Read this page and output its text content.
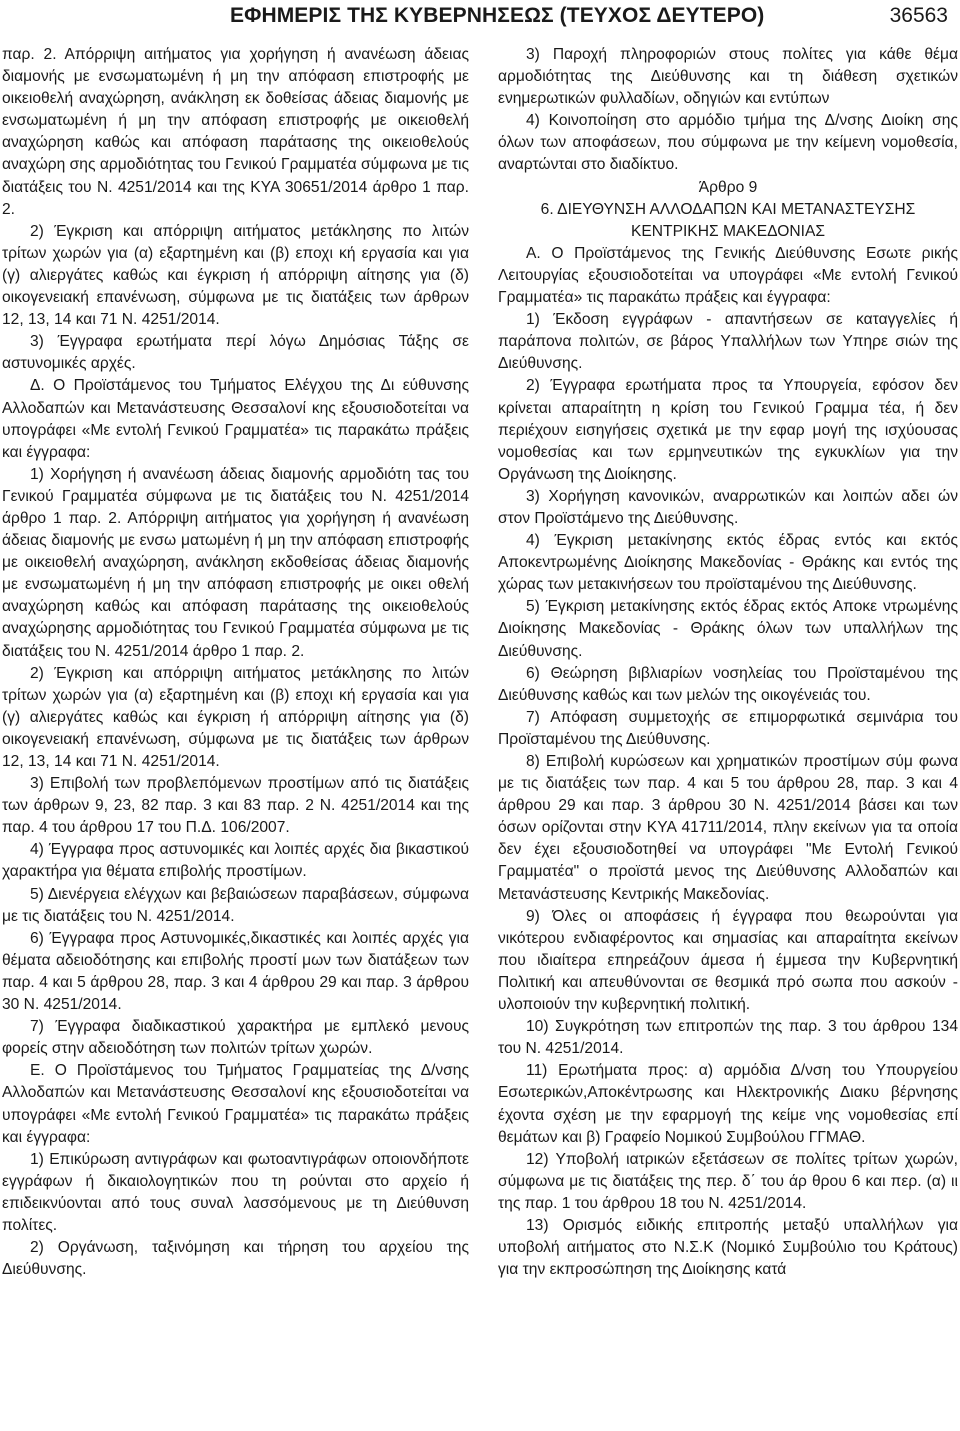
ΕΦΗΜΕΡΙΣ ΤΗΣ ΚΥΒΕΡΝΗΣΕΩΣ (ΤΕΥΧΟΣ ΔΕΥΤΕΡΟ)	36563

παρ. 2. Απόρριψη αιτήματος για χορήγηση ή ανανέωση άδειας διαμονής με ενσωματωμένη ή μη την απόφαση επιστροφής με οικειοθελή αναχώρηση, ανάκληση εκ δοθείσας άδειας διαμονής με ενσωματωμένη ή μη την απόφαση επιστροφής με οικειοθελή αναχώρηση καθώς και απόφαση παράτασης της οικειοθελούς αναχώρη σης αρμοδιότητας του Γενικού Γραμματέα σύμφωνα με τις διατάξεις του Ν. 4251/2014 και της ΚΥΑ 30651/2014 άρθρο 1 παρ. 2.

2) Έγκριση και απόρριψη αιτήματος μετάκλησης πο λιτών τρίτων χωρών για (α) εξαρτημένη και (β) εποχι κή εργασία και για (γ) αλιεργάτες καθώς και έγκριση ή απόρριψη αίτησης για (δ) οικογενειακή επανένωση, σύμφωνα με τις διατάξεις των άρθρων 12, 13, 14 και 71 Ν. 4251/2014.

3) Έγγραφα ερωτήματα περί λόγω Δημόσιας Τάξης σε αστυνομικές αρχές.

Δ. Ο Προϊστάμενος του Τμήματος Ελέγχου της Δι εύθυνσης Αλλοδαπών και Μετανάστευσης Θεσσαλονί κης εξουσιοδοτείται να υπογράφει «Με εντολή Γενικού Γραμματέα» τις παρακάτω πράξεις και έγγραφα:

1) Χορήγηση ή ανανέωση άδειας διαμονής αρμοδιότη τας του Γενικού Γραμματέα σύμφωνα με τις διατάξεις του Ν. 4251/2014 άρθρο 1 παρ. 2. Απόρριψη αιτήματος για χορήγηση ή ανανέωση άδειας διαμονής με ενσω ματωμένη ή μη την απόφαση επιστροφής με οικειοθελή αναχώρηση, ανάκληση εκδοθείσας άδειας διαμονής με ενσωματωμένη ή μη την απόφαση επιστροφής με οικει οθελή αναχώρηση καθώς και απόφαση παράτασης της οικειοθελούς αναχώρησης αρμοδιότητας του Γενικού Γραμματέα σύμφωνα με τις διατάξεις του Ν. 4251/2014 άρθρο 1 παρ. 2.

2) Έγκριση και απόρριψη αιτήματος μετάκλησης πο λιτών τρίτων χωρών για (α) εξαρτημένη και (β) εποχι κή εργασία και για (γ) αλιεργάτες καθώς και έγκριση ή απόρριψη αίτησης για (δ) οικογενειακή επανένωση, σύμφωνα με τις διατάξεις των άρθρων 12, 13, 14 και 71 Ν. 4251/2014.

3) Επιβολή των προβλεπόμενων προστίμων από τις διατάξεις των άρθρων 9, 23, 82 παρ. 3 και 83 παρ. 2 Ν. 4251/2014 και της παρ. 4 του άρθρου 17 του Π.Δ. 106/2007.

4) Έγγραφα προς αστυνομικές και λοιπές αρχές δια βικαστικού χαρακτήρα για θέματα επιβολής προστίμων.

5) Διενέργεια ελέγχων και βεβαιώσεων παραβάσεων, σύμφωνα με τις διατάξεις του Ν. 4251/2014.

6) Έγγραφα προς Αστυνομικές,δικαστικές και λοιπές αρχές για θέματα αδειοδότησης και επιβολής προστί μων των διατάξεων των παρ. 4 και 5 άρθρου 28, παρ. 3 και 4 άρθρου 29 και παρ. 3 άρθρου 30 Ν. 4251/2014.

7) Έγγραφα διαδικαστικού χαρακτήρα με εμπλεκό μενους φορείς στην αδειοδότηση των πολιτών τρίτων χωρών.

Ε. Ο Προϊστάμενος του Τμήματος Γραμματείας της Δ/νσης Αλλοδαπών και Μετανάστευσης Θεσσαλονί κης εξουσιοδοτείται να υπογράφει «Με εντολή Γενικού Γραμματέα» τις παρακάτω πράξεις και έγγραφα:

1) Επικύρωση αντιγράφων και φωτοαντιγράφων οποιονδήποτε εγγράφων ή δικαιολογητικών που τη ρούνται στο αρχείο ή επιδεικνύονται από τους συναλ λασσόμενους με τη Διεύθυνση πολίτες.

2) Οργάνωση, ταξινόμηση και τήρηση του αρχείου της Διεύθυνσης.

3) Παροχή πληροφοριών στους πολίτες για κάθε θέμα αρμοδιότητας της Διεύθυνσης και τη διάθεση σχετικών ενημερωτικών φυλλαδίων, οδηγιών και εντύπων

4) Κοινοποίηση στο αρμόδιο τμήμα της Δ/νσης Διοίκη σης όλων των αποφάσεων, που σύμφωνα με την κείμενη νομοθεσία, αναρτώνται στο διαδίκτυο.

Άρθρο 9

6. ΔΙΕΥΘΥΝΣΗ ΑΛΛΟΔΑΠΩΝ ΚΑΙ ΜΕΤΑΝΑΣΤΕΥΣΗΣ ΚΕΝΤΡΙΚΗΣ ΜΑΚΕΔΟΝΙΑΣ

Α. Ο Προϊστάμενος της Γενικής Διεύθυνσης Εσωτε ρικής Λειτουργίας εξουσιοδοτείται να υπογράφει «Με εντολή Γενικού Γραμματέα» τις παρακάτω πράξεις και έγγραφα:

1) Έκδοση εγγράφων - απαντήσεων σε καταγγελίες ή παράπονα πολιτών, σε βάρος Υπαλλήλων των Υπηρε σιών της Διεύθυνσης.

2) Έγγραφα ερωτήματα προς τα Υπουργεία, εφόσον δεν κρίνεται απαραίτητη η κρίση του Γενικού Γραμμα τέα, ή δεν περιέχουν εισηγήσεις σχετικά με την εφαρ μογή της ισχύουσας νομοθεσίας και των ερμηνευτικών της εγκυκλίων για την Οργάνωση της Διοίκησης.

3) Χορήγηση κανονικών, αναρρωτικών και λοιπών αδει ών στον Προϊστάμενο της Διεύθυνσης.

4) Έγκριση μετακίνησης εκτός έδρας εντός και εκτός Αποκεντρωμένης Διοίκησης Μακεδονίας - Θράκης και εντός της χώρας των μετακινήσεων του προϊσταμένου της Διεύθυνσης.

5) Έγκριση μετακίνησης εκτός έδρας εκτός Αποκε ντρωμένης Διοίκησης Μακεδονίας - Θράκης όλων των υπαλλήλων της Διεύθυνσης.

6) Θεώρηση βιβλιαρίων νοσηλείας του Προϊσταμένου της Διεύθυνσης καθώς και των μελών της οικογένειάς του.

7) Απόφαση συμμετοχής σε επιμορφωτικά σεμινάρια του Προϊσταμένου της Διεύθυνσης.

8) Επιβολή κυρώσεων και χρηματικών προστίμων σύμ φωνα με τις διατάξεις των παρ. 4 και 5 του άρθρου 28, παρ. 3 και 4 άρθρου 29 και παρ. 3 άρθρου 30 Ν. 4251/2014 βάσει και των όσων ορίζονται στην ΚΥΑ 41711/2014, πλην εκείνων για τα οποία δεν έχει εξουσιοδοτηθεί να υπογράφει "Με Εντολή Γενικού Γραμματέα" ο προϊστά μενος της Διεύθυνσης Αλλοδαπών και Μετανάστευσης Κεντρικής Μακεδονίας.

9) Όλες οι αποφάσεις ή έγγραφα που θεωρούνται για νικότερου ενδιαφέροντος και σημασίας και απαραίτητα εκείνων που ιδιαίτερα επηρεάζουν άμεσα ή έμμεσα την Κυβερνητική Πολιτική και απευθύνονται σε θεσμικά πρό σωπα που ασκούν - υλοποιούν την κυβερνητική πολιτική.

10) Συγκρότηση των επιτροπών της παρ. 3 του άρθρου 134 του Ν. 4251/2014.

11) Ερωτήματα προς: α) αρμόδια Δ/νση του Υπουργείου Εσωτερικών,Αποκέντρωσης και Ηλεκτρονικής Διακυ βέρνησης έχοντα σχέση με την εφαρμογή της κείμε νης νομοθεσίας επί θεμάτων και β) Γραφείο Νομικού Συμβούλου ΓΓΜΑΘ.

12) Υποβολή ιατρικών εξετάσεων σε πολίτες τρίτων χωρών, σύμφωνα με τις διατάξεις της περ. δ΄ του άρ θρου 6 και περ. (α) ιι της παρ. 1 του άρθρου 18 του Ν. 4251/2014.

13) Ορισμός ειδικής επιτροπής μεταξύ υπαλλήλων για υποβολή αιτήματος στο Ν.Σ.Κ (Νομικό Συμβούλιο του Κράτους) για την εκπροσώπηση της Διοίκησης κατά
